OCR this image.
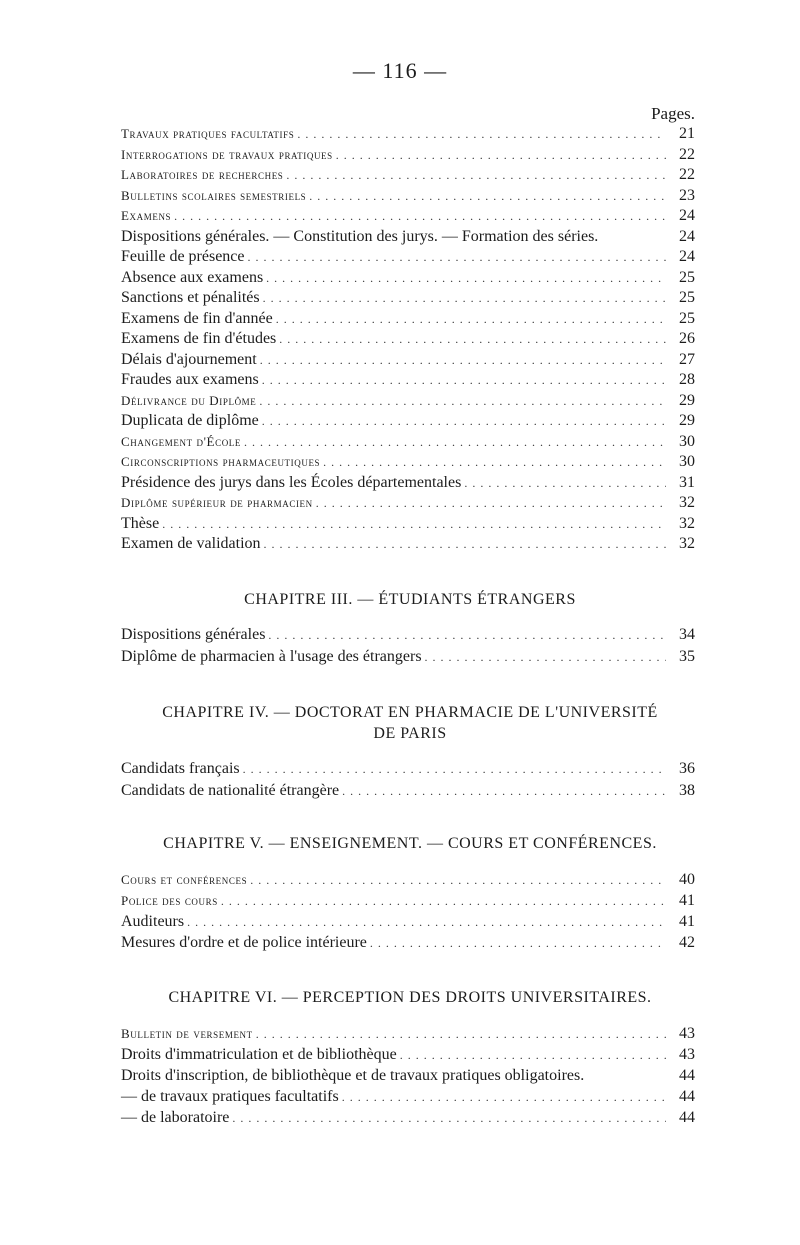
— 116 —
Pages.
Travaux pratiques facultatifs . . .	21
Interrogations de travaux pratiques . . .	22
Laboratoires de recherches . . .	22
Bulletins scolaires semestriels . . .	23
Examens . . .	24
Dispositions générales. — Constitution des jurys. — Formation des séries.	24
Feuille de présence . . .	24
Absence aux examens . . .	25
Sanctions et pénalités . . .	25
Examens de fin d'année . . .	25
Examens de fin d'études . . .	26
Délais d'ajournement . . .	27
Fraudes aux examens . . .	28
Délivrance du Diplôme . . .	29
Duplicata de diplôme . . .	29
Changement d'École . . .	30
Circonscriptions pharmaceutiques . . .	30
Présidence des jurys dans les Écoles départementales . . .	31
Diplôme supérieur de pharmacien . . .	32
Thèse . . .	32
Examen de validation . . .	32
CHAPITRE III. — ÉTUDIANTS ÉTRANGERS
Dispositions générales . . .	34
Diplôme de pharmacien à l'usage des étrangers . . .	35
CHAPITRE IV. — DOCTORAT EN PHARMACIE DE L'UNIVERSITÉ
DE PARIS
Candidats français . . .	36
Candidats de nationalité étrangère . . .	38
CHAPITRE V. — ENSEIGNEMENT. — COURS ET CONFÉRENCES.
Cours et conférences . . .	40
Police des cours . . .	41
Auditeurs . . .	41
Mesures d'ordre et de police intérieure . . .	42
CHAPITRE VI. — PERCEPTION DES DROITS UNIVERSITAIRES.
Bulletin de versement . . .	43
Droits d'immatriculation et de bibliothèque . . .	43
Droits d'inscription, de bibliothèque et de travaux pratiques obligatoires.	44
— de travaux pratiques facultatifs . . .	44
— de laboratoire . . .	44
